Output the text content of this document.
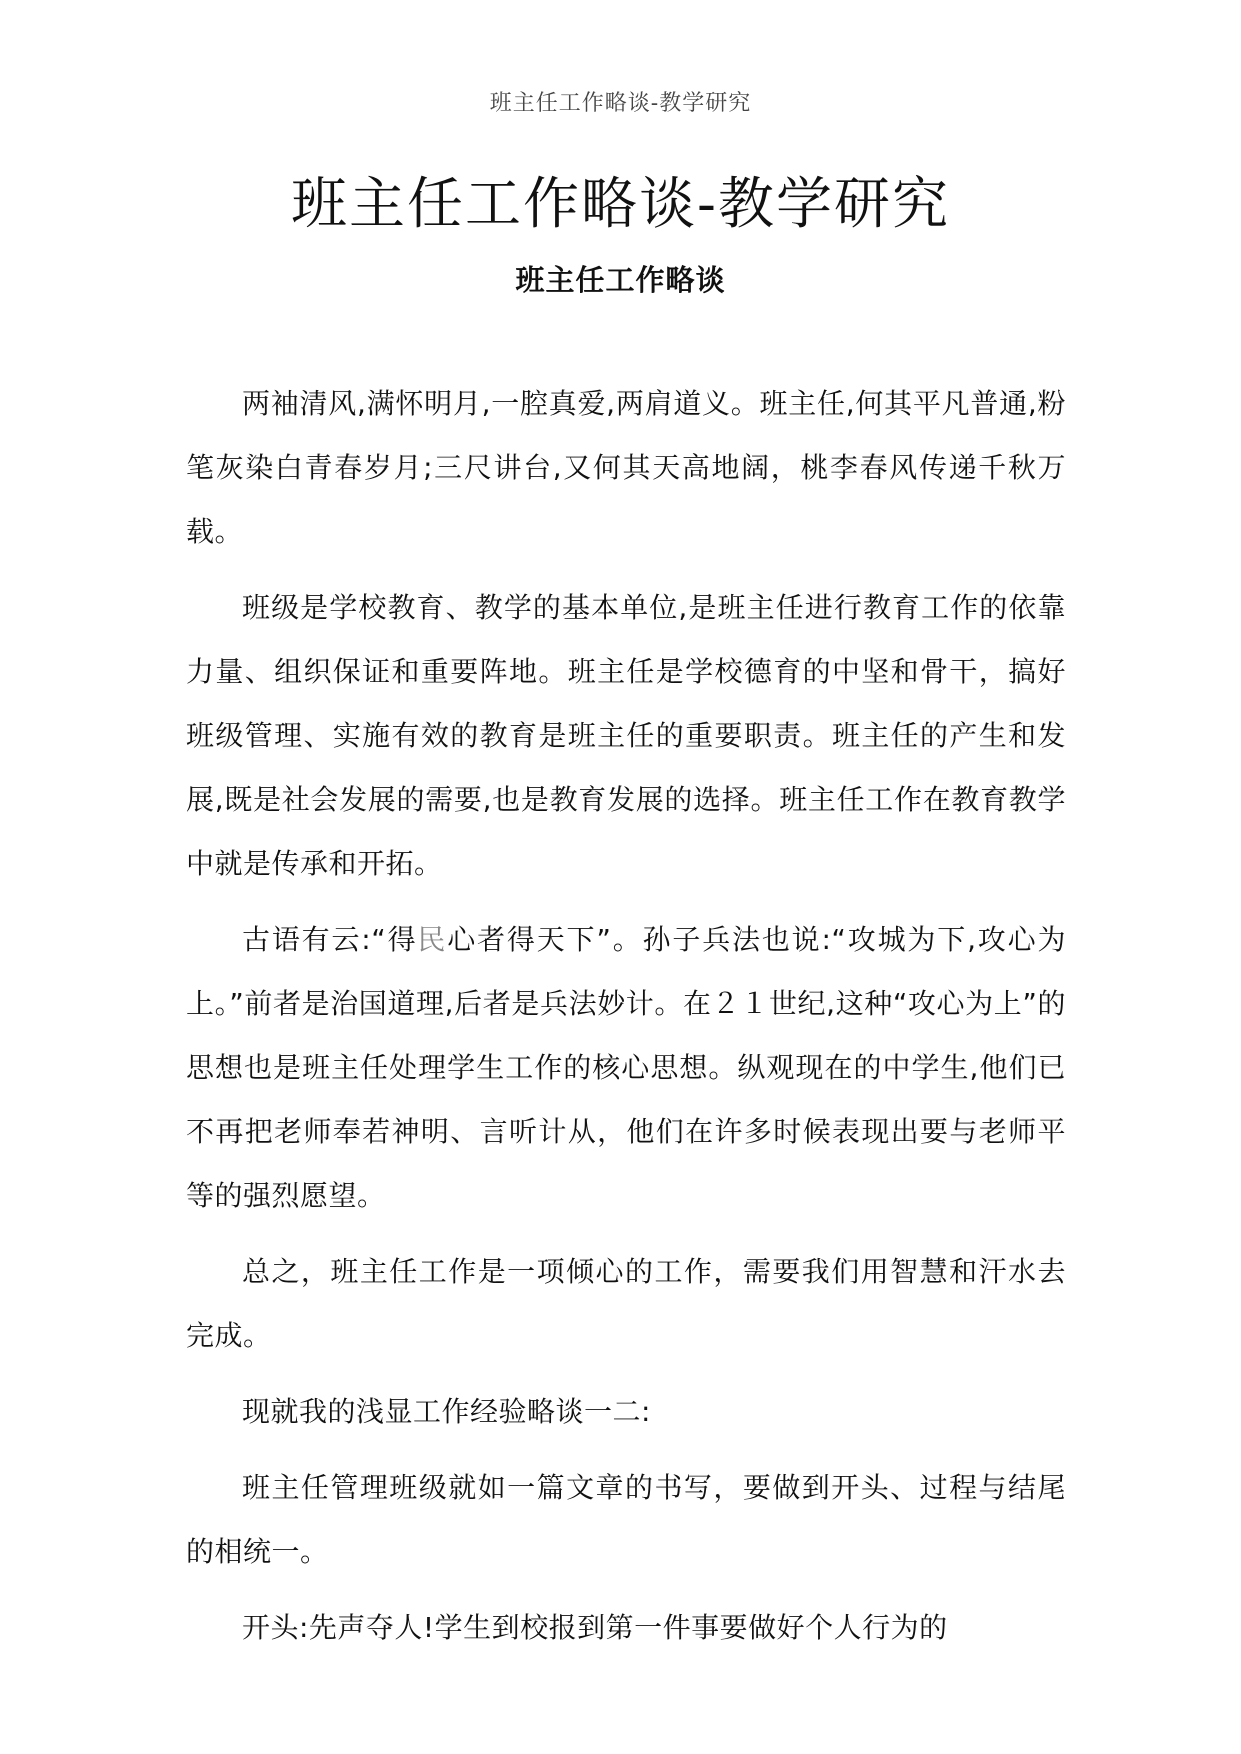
班主任工作略谈-教学研究
班主任工作略谈-教学研究
班主任工作略谈

两袖清风,满怀明月,一腔真爱,两肩道义。班主任,何其平凡普通,粉笔灰染白青春岁月;三尺讲台,又何其天高地阔，桃李春风传递千秋万载。

班级是学校教育、教学的基本单位,是班主任进行教育工作的依靠力量、组织保证和重要阵地。班主任是学校德育的中坚和骨干，搞好班级管理、实施有效的教育是班主任的重要职责。班主任的产生和发展,既是社会发展的需要,也是教育发展的选择。班主任工作在教育教学中就是传承和开拓。

古语有云:“得民心者得天下”。孙子兵法也说:“攻城为下,攻心为上。”前者是治国道理,后者是兵法妙计。在２１世纪,这种“攻心为上”的思想也是班主任处理学生工作的核心思想。纵观现在的中学生,他们已不再把老师奉若神明、言听计从，他们在许多时候表现出要与老师平等的强烈愿望。

总之，班主任工作是一项倾心的工作，需要我们用智慧和汗水去完成。

现就我的浅显工作经验略谈一二:

班主任管理班级就如一篇文章的书写，要做到开头、过程与结尾的相统一。

开头:先声夺人!学生到校报到第一件事要做好个人行为的
